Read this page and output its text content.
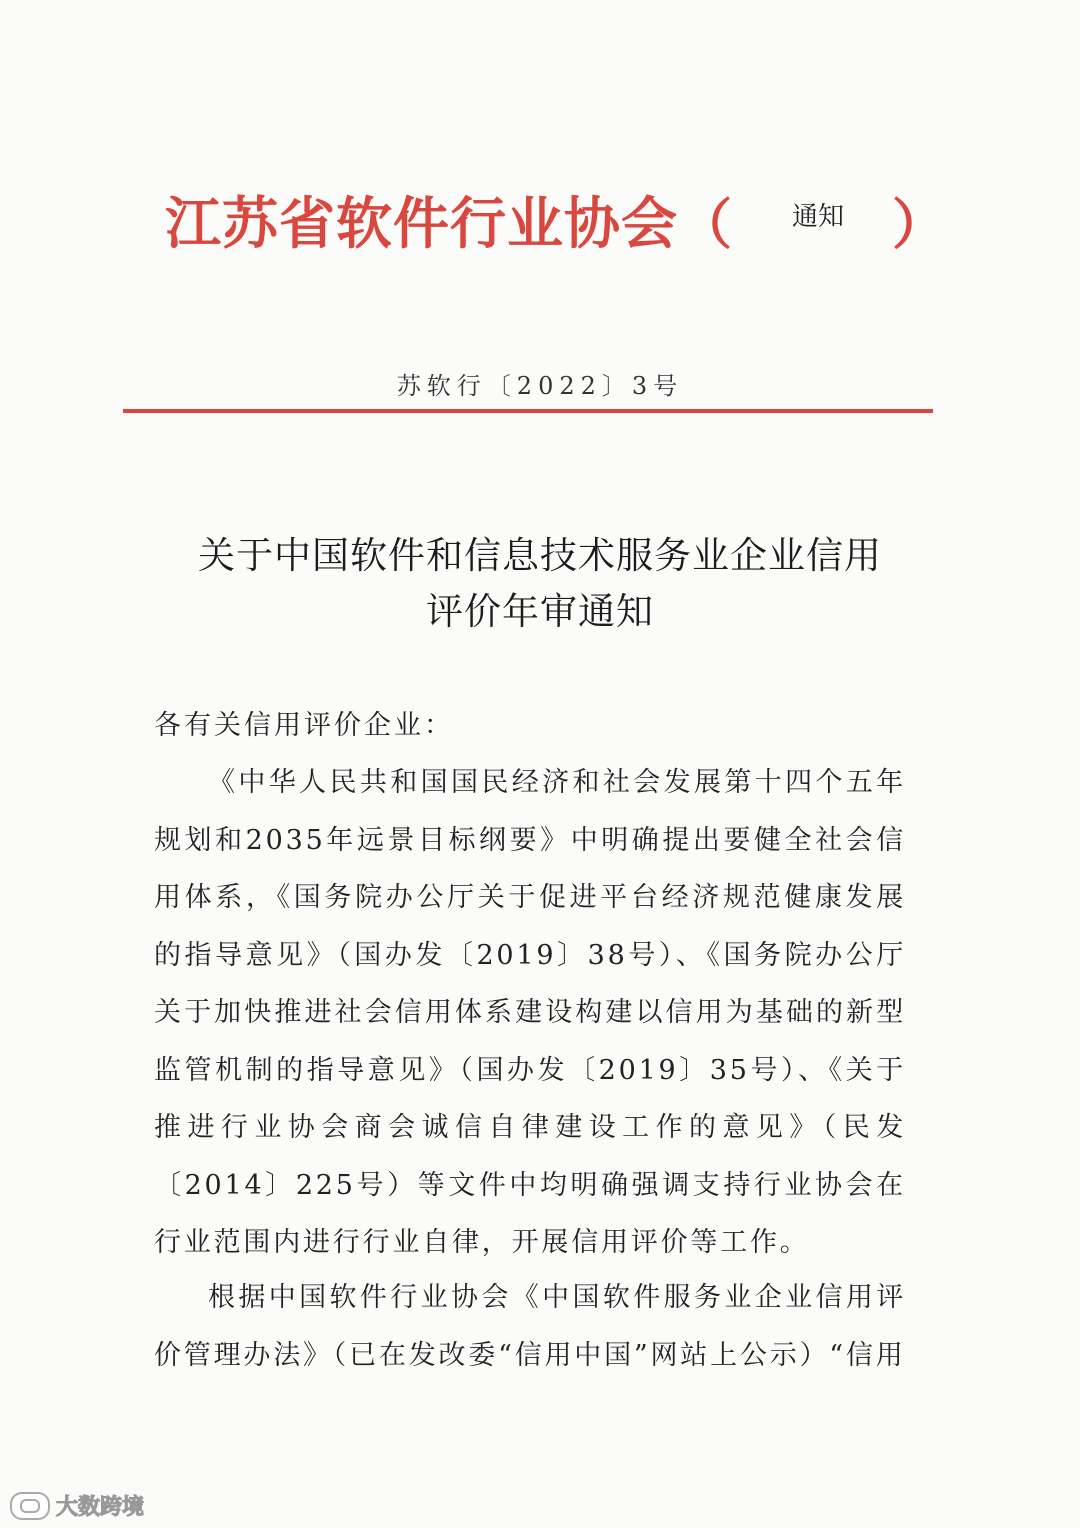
江苏省软件行业协会 （ 通知 ）
苏软行〔2022〕3号
关于中国软件和信息技术服务业企业信用
评价年审通知
各有关信用评价企业：
《中华人民共和国国民经济和社会发展第十四个五年规划和2035年远景目标纲要》中明确提出要健全社会信用体系，《国务院办公厅关于促进平台经济规范健康发展的指导意见》（国办发〔2019〕38号）、《国务院办公厅关于加快推进社会信用体系建设构建以信用为基础的新型监管机制的指导意见》（国办发〔2019〕35号）、《关于推进行业协会商会诚信自律建设工作的意见》（民发〔2014〕225号）等文件中均明确强调支持行业协会在行业范围内进行行业自律，开展信用评价等工作。
根据中国软件行业协会《中国软件服务业企业信用评价管理办法》（已在发改委“信用中国”网站上公示）“信用
大数跨境
